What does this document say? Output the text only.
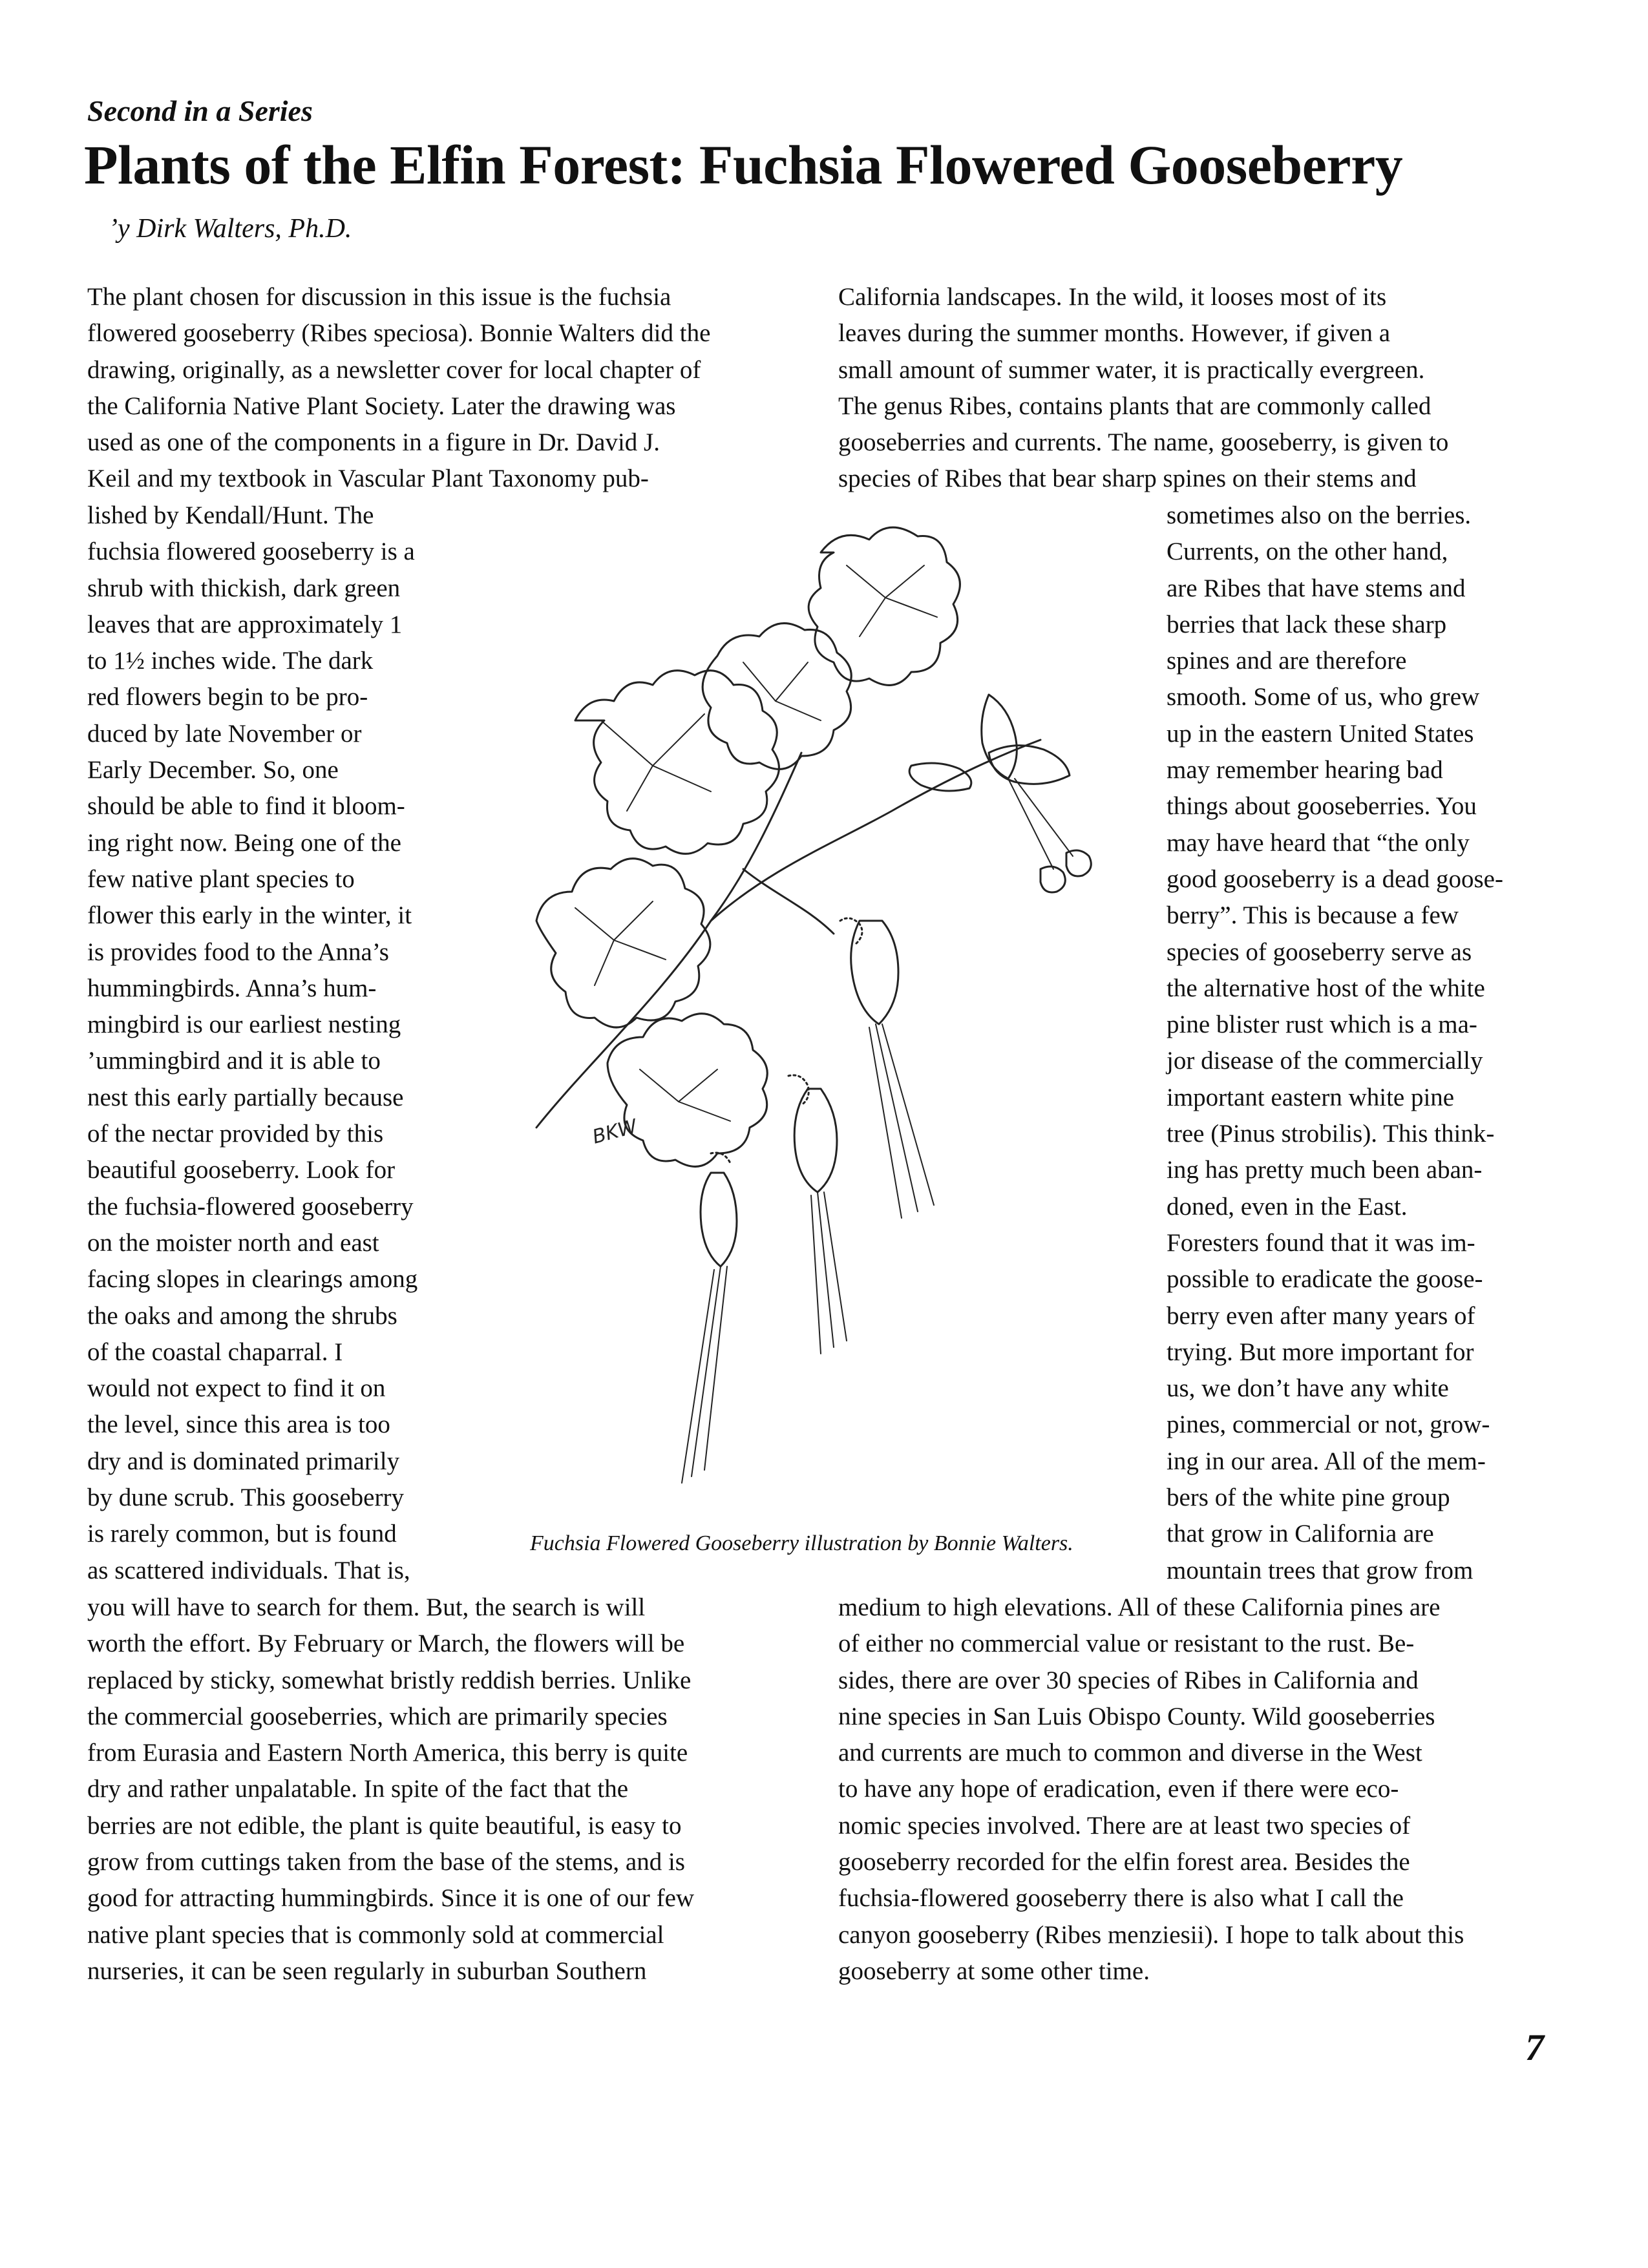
Second in a Series
Plants of the Elfin Forest: Fuchsia Flowered Gooseberry
’y Dirk Walters, Ph.D.
The plant chosen for discussion in this issue is the fuchsia
flowered gooseberry (Ribes speciosa). Bonnie Walters did the
drawing, originally, as a newsletter cover for local chapter of
the California Native Plant Society. Later the drawing was
used as one of the components in a figure in Dr. David J.
Keil and my textbook in Vascular Plant Taxonomy pub-
lished by Kendall/Hunt. The
fuchsia flowered gooseberry is a
shrub with thickish, dark green
leaves that are approximately 1
to 1½ inches wide. The dark
red flowers begin to be pro-
duced by late November or
Early December. So, one
should be able to find it bloom-
ing right now. Being one of the
few native plant species to
flower this early in the winter, it
is provides food to the Anna’s
hummingbirds. Anna’s hum-
mingbird is our earliest nesting
’ummingbird and it is able to
nest this early partially because
of the nectar provided by this
beautiful gooseberry. Look for
the fuchsia-flowered gooseberry
on the moister north and east
facing slopes in clearings among
the oaks and among the shrubs
of the coastal chaparral. I
would not expect to find it on
the level, since this area is too
dry and is dominated primarily
by dune scrub. This gooseberry
is rarely common, but is found
as scattered individuals. That is,
you will have to search for them. But, the search is will
worth the effort. By February or March, the flowers will be
replaced by sticky, somewhat bristly reddish berries. Unlike
the commercial gooseberries, which are primarily species
from Eurasia and Eastern North America, this berry is quite
dry and rather unpalatable. In spite of the fact that the
berries are not edible, the plant is quite beautiful, is easy to
grow from cuttings taken from the base of the stems, and is
good for attracting hummingbirds. Since it is one of our few
native plant species that is commonly sold at commercial
nurseries, it can be seen regularly in suburban Southern
California landscapes. In the wild, it looses most of its
leaves during the summer months. However, if given a
small amount of summer water, it is practically evergreen.
The genus Ribes, contains plants that are commonly called
gooseberries and currents. The name, gooseberry, is given to
species of Ribes that bear sharp spines on their stems and
sometimes also on the berries.
Currents, on the other hand,
are Ribes that have stems and
berries that lack these sharp
spines and are therefore
smooth. Some of us, who grew
up in the eastern United States
may remember hearing bad
things about gooseberries. You
may have heard that “the only
good gooseberry is a dead goose-
berry”. This is because a few
species of gooseberry serve as
the alternative host of the white
pine blister rust which is a ma-
jor disease of the commercially
important eastern white pine
tree (Pinus strobilis). This think-
ing has pretty much been aban-
doned, even in the East.
Foresters found that it was im-
possible to eradicate the goose-
berry even after many years of
trying. But more important for
us, we don’t have any white
pines, commercial or not, grow-
ing in our area. All of the mem-
bers of the white pine group
that grow in California are
mountain trees that grow from
medium to high elevations. All of these California pines are
of either no commercial value or resistant to the rust. Be-
sides, there are over 30 species of Ribes in California and
nine species in San Luis Obispo County. Wild gooseberries
and currents are much to common and diverse in the West
to have any hope of eradication, even if there were eco-
nomic species involved. There are at least two species of
gooseberry recorded for the elfin forest area. Besides the
fuchsia-flowered gooseberry there is also what I call the
canyon gooseberry (Ribes menziesii). I hope to talk about this
gooseberry at some other time.
BKW
Fuchsia Flowered Gooseberry illustration by Bonnie Walters.
7
